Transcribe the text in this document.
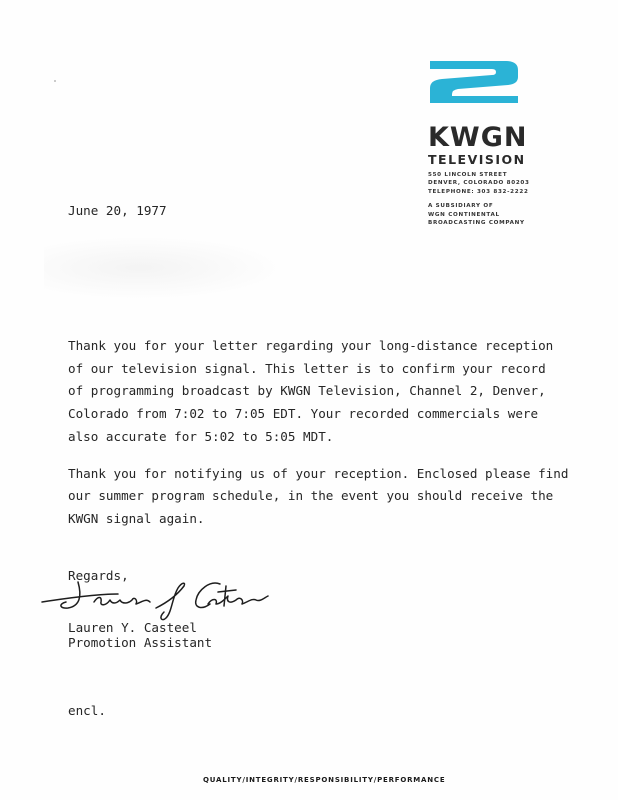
KWGN
TELEVISION
550 LINCOLN STREET
DENVER, COLORADO 80203
TELEPHONE: 303 832-2222
A SUBSIDIARY OF
WGN CONTINENTAL
BROADCASTING COMPANY
June 20, 1977

Thank you for your letter regarding your long-distance reception
of our television signal. This letter is to confirm your record
of programming broadcast by KWGN Television, Channel 2, Denver,
Colorado from 7:02 to 7:05 EDT. Your recorded commercials were
also accurate for 5:02 to 5:05 MDT.

Thank you for notifying us of your reception. Enclosed please find
our summer program schedule, in the event you should receive the
KWGN signal again.

Regards,
Lauren Y. Casteel
Promotion Assistant
encl.
QUALITY/INTEGRITY/RESPONSIBILITY/PERFORMANCE
